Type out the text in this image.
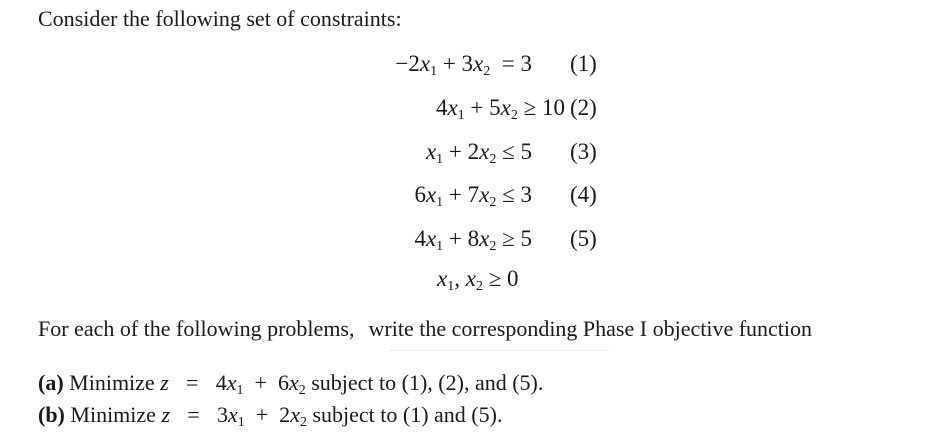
Consider the following set of constraints:
$-2x_1 + 3x_2 = 3$ (1)
$4x_1 + 5x_2 \ge 10$ (2)
$x_1 + 2x_2 \le 5$ (3)
$6x_1 + 7x_2 \le 3$ (4)
$4x_1 + 8x_2 \ge 5$ (5)
$x_1$, $x_2 \ge 0$
For each of the following problems, write the corresponding Phase I objective function
(a) Minimize $z = 4x_1 + 6x_2$ subject to (1), (2), and (5).
(b) Minimize $z = 3x_1 + 2x_2$ subject to (1) and (5).
